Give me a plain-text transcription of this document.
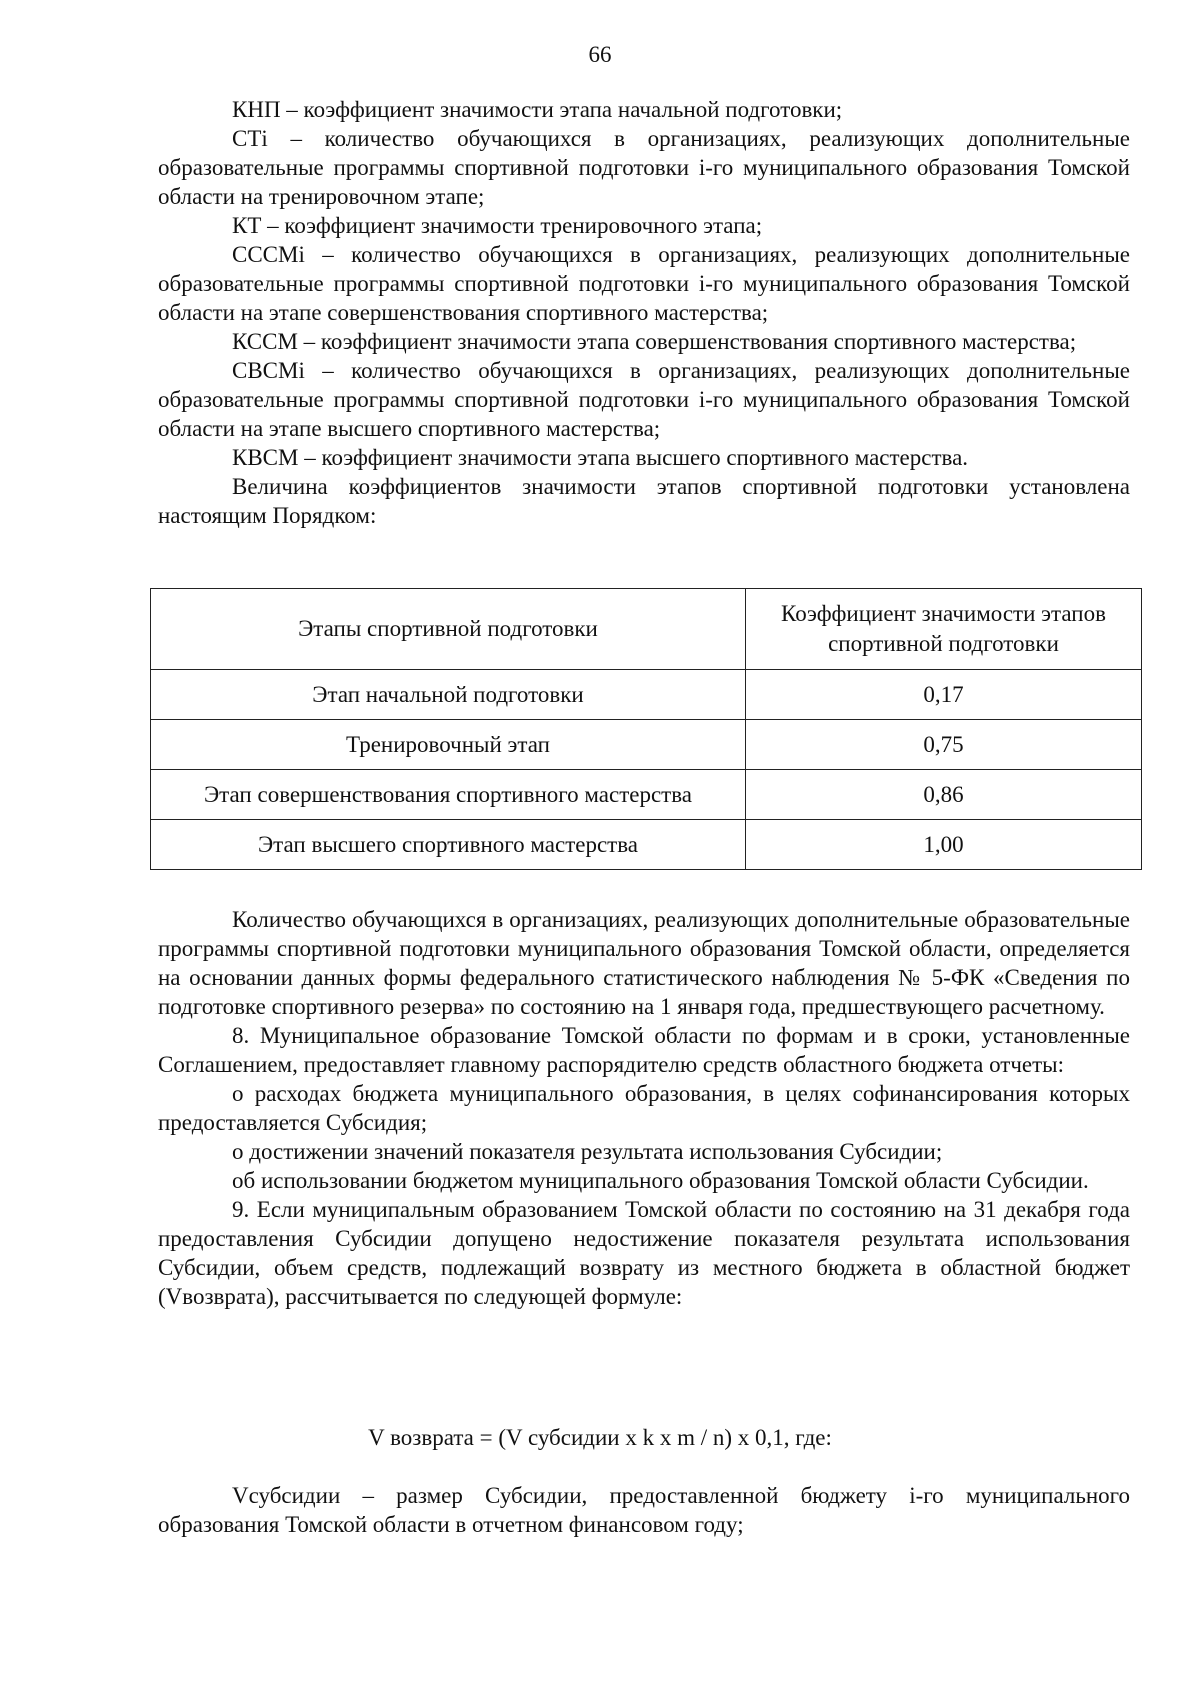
66

КНП – коэффициент значимости этапа начальной подготовки;

СТi – количество обучающихся в организациях, реализующих дополнительные образовательные программы спортивной подготовки i-го муниципального образования Томской области на тренировочном этапе;

КТ – коэффициент значимости тренировочного этапа;

СССМi – количество обучающихся в организациях, реализующих дополнительные образовательные программы спортивной подготовки i-го муниципального образования Томской области на этапе совершенствования спортивного мастерства;

КССМ – коэффициент значимости этапа совершенствования спортивного мастерства;

СВСМi – количество обучающихся в организациях, реализующих дополнительные образовательные программы спортивной подготовки i-го муниципального образования Томской области на этапе высшего спортивного мастерства;

КВСМ – коэффициент значимости этапа высшего спортивного мастерства.

Величина коэффициентов значимости этапов спортивной подготовки установлена настоящим Порядком:

Этапы спортивной подготовки	Коэффициент значимости этапов спортивной подготовки
Этап начальной подготовки	0,17
Тренировочный этап	0,75
Этап совершенствования спортивного мастерства	0,86
Этап высшего спортивного мастерства	1,00

Количество обучающихся в организациях, реализующих дополнительные образовательные программы спортивной подготовки муниципального образования Томской области, определяется на основании данных формы федерального статистического наблюдения № 5-ФК «Сведения по подготовке спортивного резерва» по состоянию на 1 января года, предшествующего расчетному.

8. Муниципальное образование Томской области по формам и в сроки, установленные Соглашением, предоставляет главному распорядителю средств областного бюджета отчеты:

о расходах бюджета муниципального образования, в целях софинансирования которых предоставляется Субсидия;

о достижении значений показателя результата использования Субсидии;

об использовании бюджетом муниципального образования Томской области Субсидии.

9. Если муниципальным образованием Томской области по состоянию на 31 декабря года предоставления Субсидии допущено недостижение показателя результата использования Субсидии, объем средств, подлежащий возврату из местного бюджета в областной бюджет (Vвозврата), рассчитывается по следующей формуле:

V возврата = (V субсидии x k x m / n) x 0,1, где:

Vсубсидии – размер Субсидии, предоставленной бюджету i-го муниципального образования Томской области в отчетном финансовом году;
